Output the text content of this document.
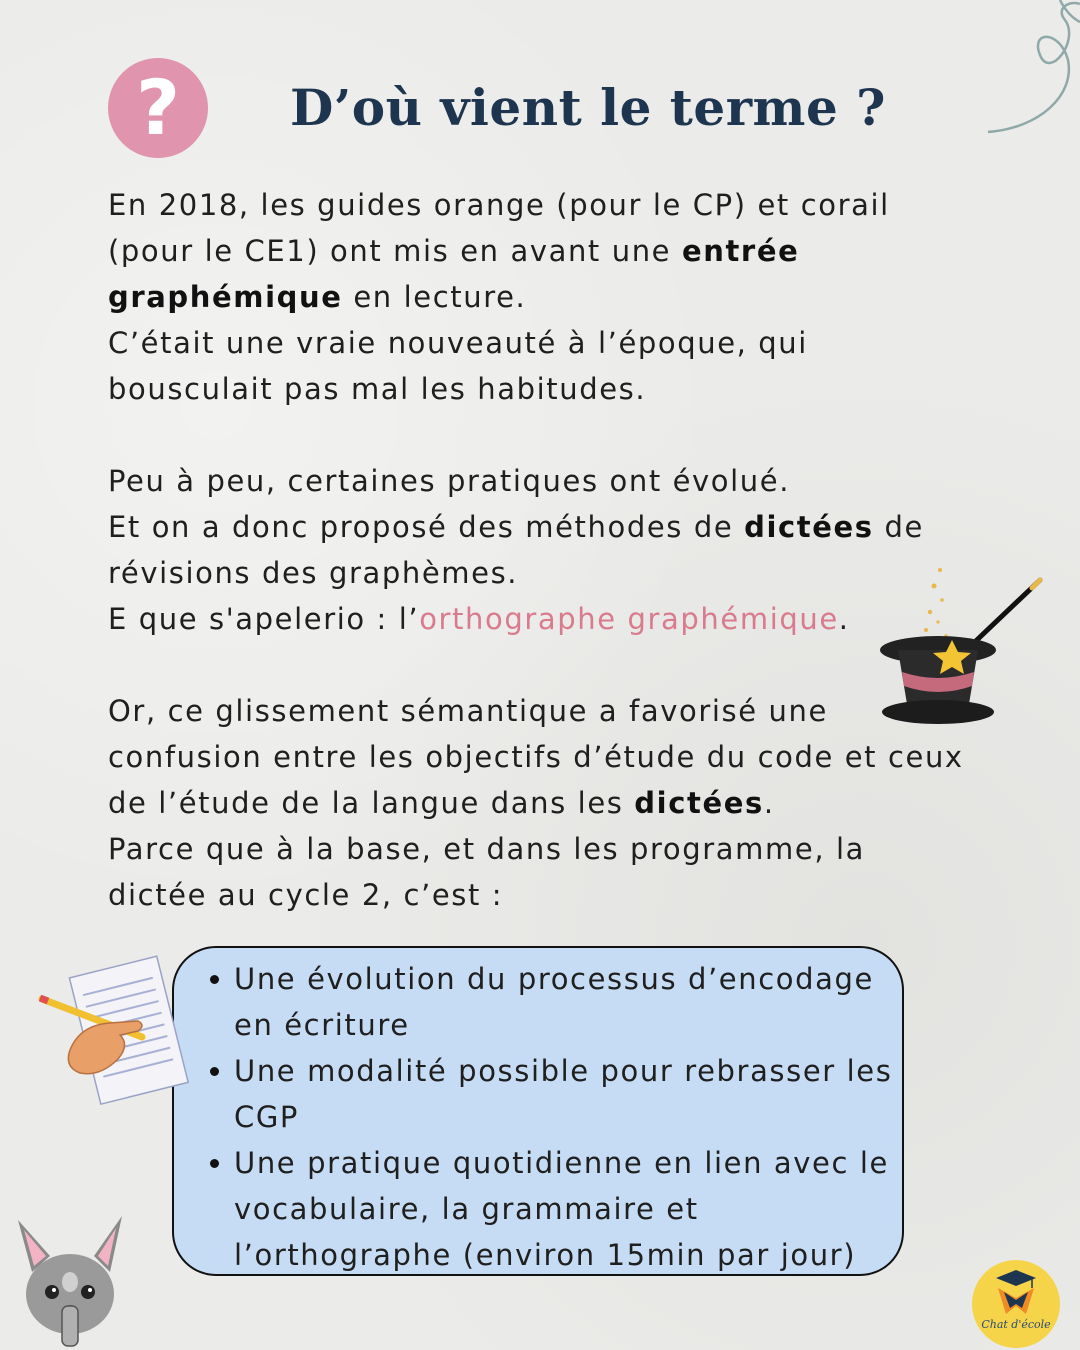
? D’où vient le terme ?

En 2018, les guides orange (pour le CP) et corail (pour le CE1) ont mis en avant une entrée graphémique en lecture.

C’était une vraie nouveauté à l’époque, qui bousculait pas mal les habitudes.

Peu à peu, certaines pratiques ont évolué.

Et on a donc proposé des méthodes de dictées de révisions des graphèmes.

E que s'apelerio : l’orthographe graphémique.

Or, ce glissement sémantique a favorisé une confusion entre les objectifs d’étude du code et ceux de l’étude de la langue dans les dictées.

Parce que à la base, et dans les programme, la dictée au cycle 2, c’est :

Une évolution du processus d’encodage en écriture
Une modalité possible pour rebrasser les CGP
Une pratique quotidienne en lien avec le vocabulaire, la grammaire et l’orthographe (environ 15min par jour)
Chat d'école
